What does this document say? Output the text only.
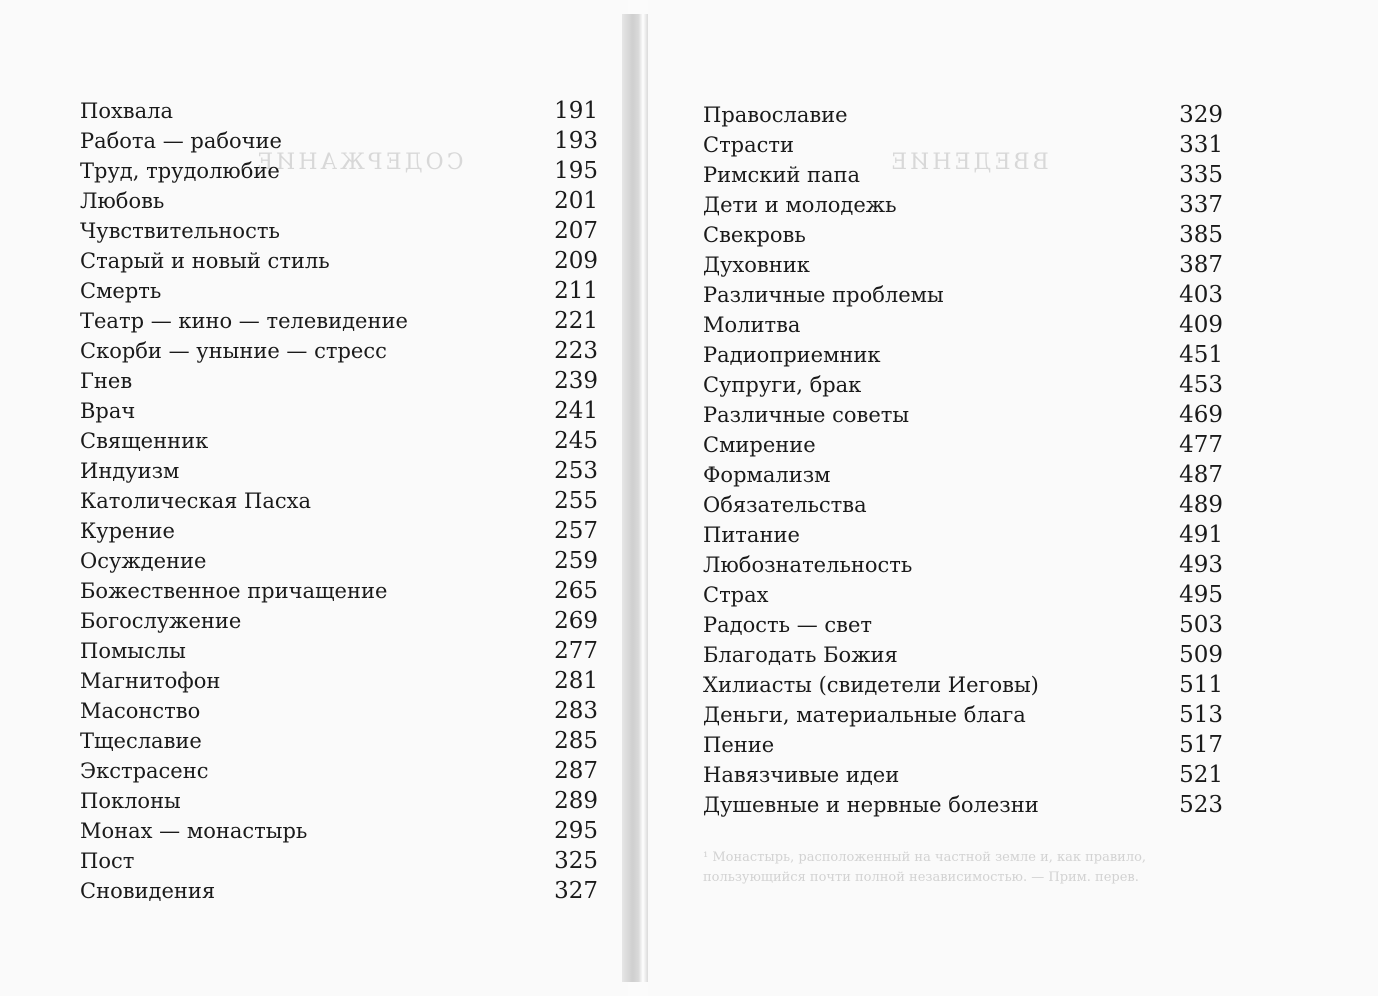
СОДЕРЖАНИЕ
Похвала	191
Работа — рабочие	193
Труд, трудолюбие	195
Любовь	201
Чувствительность	207
Старый и новый стиль	209
Смерть	211
Театр — кино — телевидение	221
Скорби — уныние — стресс	223
Гнев	239
Врач	241
Священник	245
Индуизм	253
Католическая Пасха	255
Курение	257
Осуждение	259
Божественное причащение	265
Богослужение	269
Помыслы	277
Магнитофон	281
Масонство	283
Тщеславие	285
Экстрасенс	287
Поклоны	289
Монах — монастырь	295
Пост	325
Сновидения	327
ВВЕДЕНИЕ
Православие	329
Страсти	331
Римский папа	335
Дети и молодежь	337
Свекровь	385
Духовник	387
Различные проблемы	403
Молитва	409
Радиоприемник	451
Супруги, брак	453
Различные советы	469
Смирение	477
Формализм	487
Обязательства	489
Питание	491
Любознательность	493
Страх	495
Радость — свет	503
Благодать Божия	509
Хилиасты (свидетели Иеговы)	511
Деньги, материальные блага	513
Пение	517
Навязчивые идеи	521
Душевные и нервные болезни	523
¹ Монастырь, расположенный на частной земле и, как правило,
пользующийся почти полной независимостью. — Прим. перев.
